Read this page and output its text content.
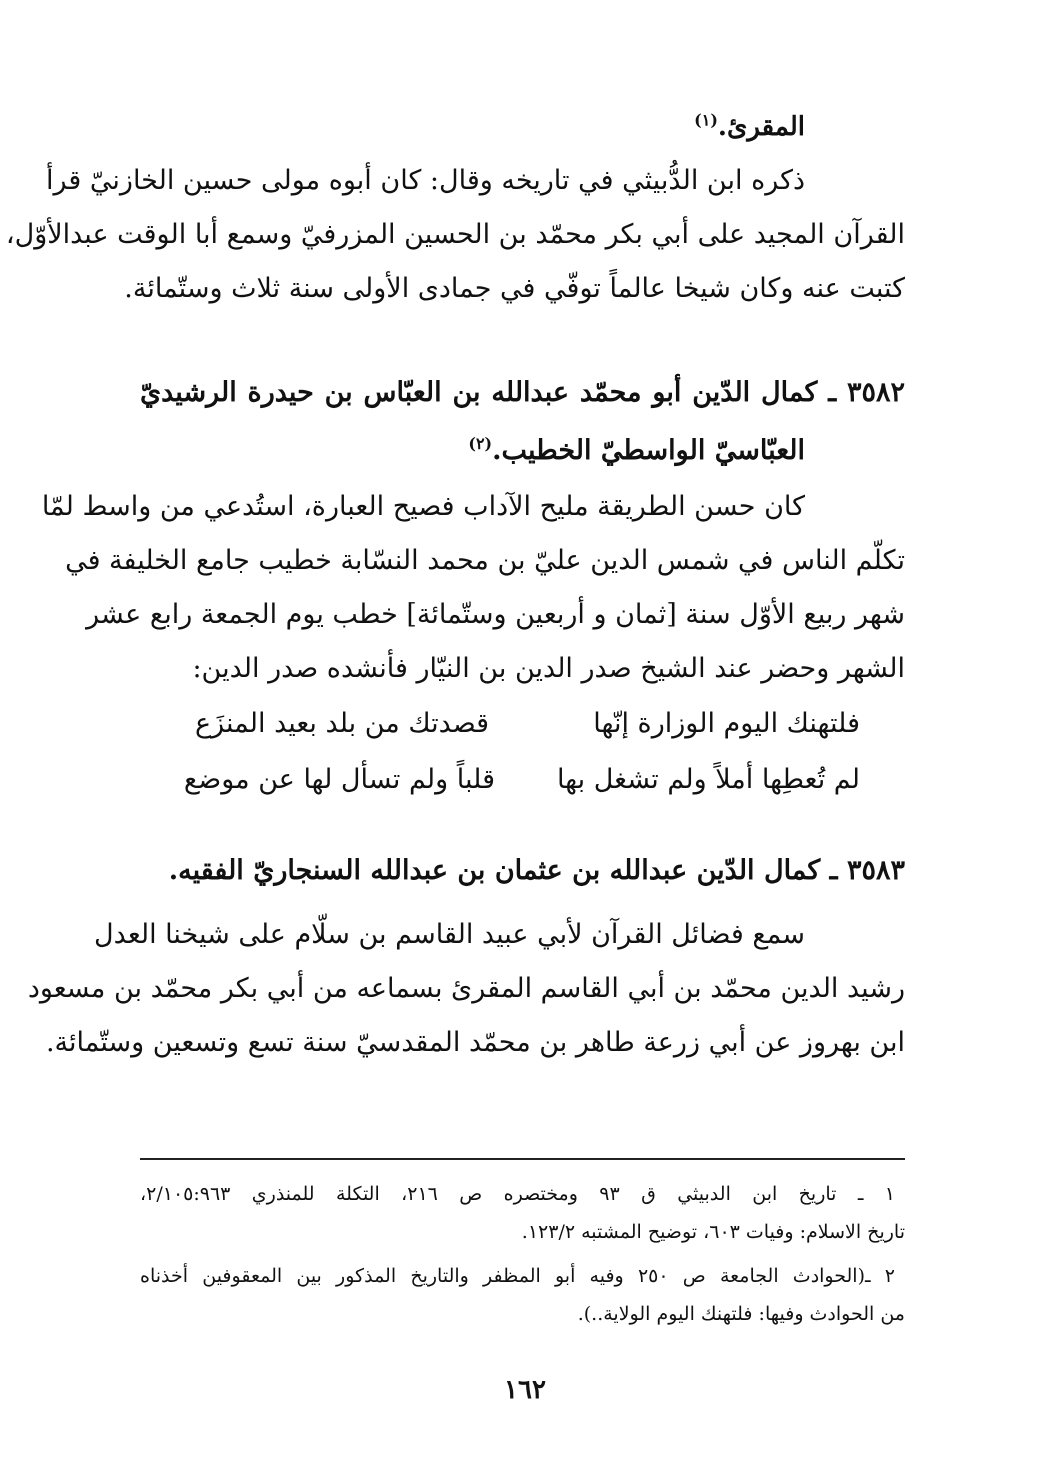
المقرئ.$^{(١)}$
ذكره ابن الدُّبيثي في تاريخه وقال: كان أبوه مولى حسين الخازنيّ قرأ
القرآن المجيد على أبي بكر محمّد بن الحسين المزرفيّ وسمع أبا الوقت عبدالأوّل،
كتبت عنه وكان شيخا عالماً توفّي في جمادى الأولى سنة ثلاث وستّمائة.
٣٥٨٢ ـ كمال الدّين أبو محمّد عبدالله بن العبّاس بن حيدرة الرشيديّ
العبّاسيّ الواسطيّ الخطيب.$^{(٢)}$
كان حسن الطريقة مليح الآداب فصيح العبارة، استُدعي من واسط لمّا
تكلّم الناس في شمس الدين عليّ بن محمد النسّابة خطيب جامع الخليفة في
شهر ربيع الأوّل سنة [ثمان و أربعين وستّمائة] خطب يوم الجمعة رابع عشر
الشهر وحضر عند الشيخ صدر الدين بن النيّار فأنشده صدر الدين:
فلتهنك اليوم الوزارة إنّها
قصدتك من بلد بعيد المنزَع
لم تُعطِها أملاً ولم تشغل بها
قلباً ولم تسأل لها عن موضع
٣٥٨٣ ـ كمال الدّين عبدالله بن عثمان بن عبدالله السنجاريّ الفقيه.
سمع فضائل القرآن لأبي عبيد القاسم بن سلّام على شيخنا العدل
رشيد الدين محمّد بن أبي القاسم المقرئ بسماعه من أبي بكر محمّد بن مسعود
ابن بهروز عن أبي زرعة طاهر بن محمّد المقدسيّ سنة تسع وتسعين وستّمائة.
١ ـ تاريخ ابن الدبيثي ق ٩٣ ومختصره ص ٢١٦، التكلة للمنذري ٢/١٠٥:٩٦٣،
تاريخ الاسلام: وفيات ٦٠٣، توضيح المشتبه ١٢٣/٢.
٢ ـ(الحوادث الجامعة ص ٢٥٠ وفيه أبو المظفر والتاريخ المذكور بين المعقوفين أخذناه
من الحوادث وفيها: فلتهنك اليوم الولاية..).
١٦٢
